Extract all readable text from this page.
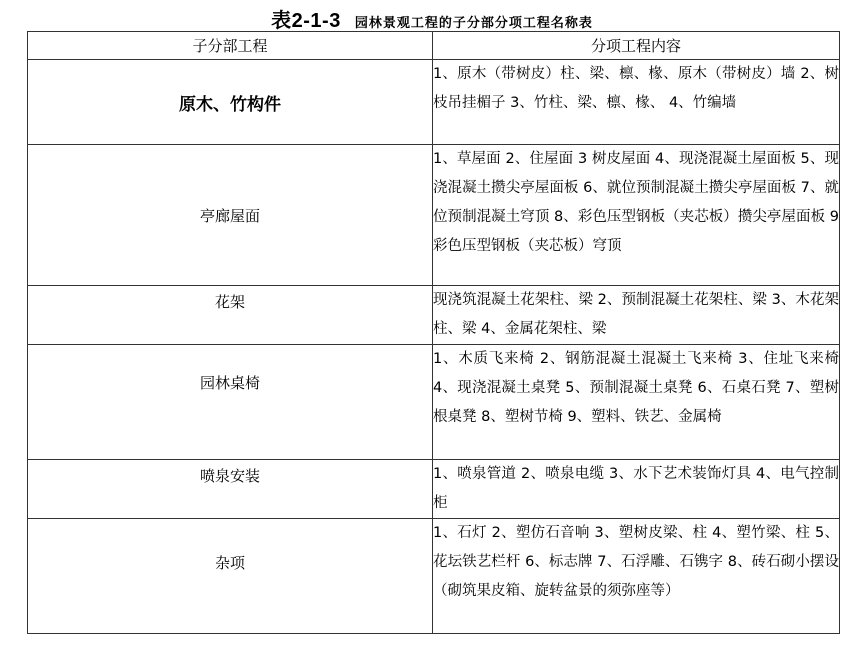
表2-1-3 园林景观工程的子分部分项工程名称表
子分部工程	分项工程内容
原木、竹构件	1、原木（带树皮）柱、梁、檩、椽、原木（带树皮）墙 2、树枝吊挂楣子 3、竹柱、梁、檩、椽、 4、竹编墙
亭廊屋面	1、草屋面 2、住屋面 3 树皮屋面 4、现浇混凝土屋面板 5、现浇混凝土攒尖亭屋面板 6、就位预制混凝土攒尖亭屋面板 7、就位预制混凝土穹顶 8、彩色压型钢板（夹芯板）攒尖亭屋面板 9 彩色压型钢板（夹芯板）穹顶
花架	现浇筑混凝土花架柱、梁 2、预制混凝土花架柱、梁 3、木花架柱、梁 4、金属花架柱、梁
园林桌椅	1、木质飞来椅 2、钢筋混凝土混凝土飞来椅 3、住址飞来椅 4、现浇混凝土桌凳 5、预制混凝土桌凳 6、石桌石凳 7、塑树根桌凳 8、塑树节椅 9、塑料、铁艺、金属椅
喷泉安装	1、喷泉管道 2、喷泉电缆 3、水下艺术装饰灯具 4、电气控制柜
杂项	1、石灯 2、塑仿石音响 3、塑树皮梁、柱 4、塑竹梁、柱 5、花坛铁艺栏杆 6、标志牌 7、石浮雕、石镌字 8、砖石砌小摆设（砌筑果皮箱、旋转盆景的须弥座等）
